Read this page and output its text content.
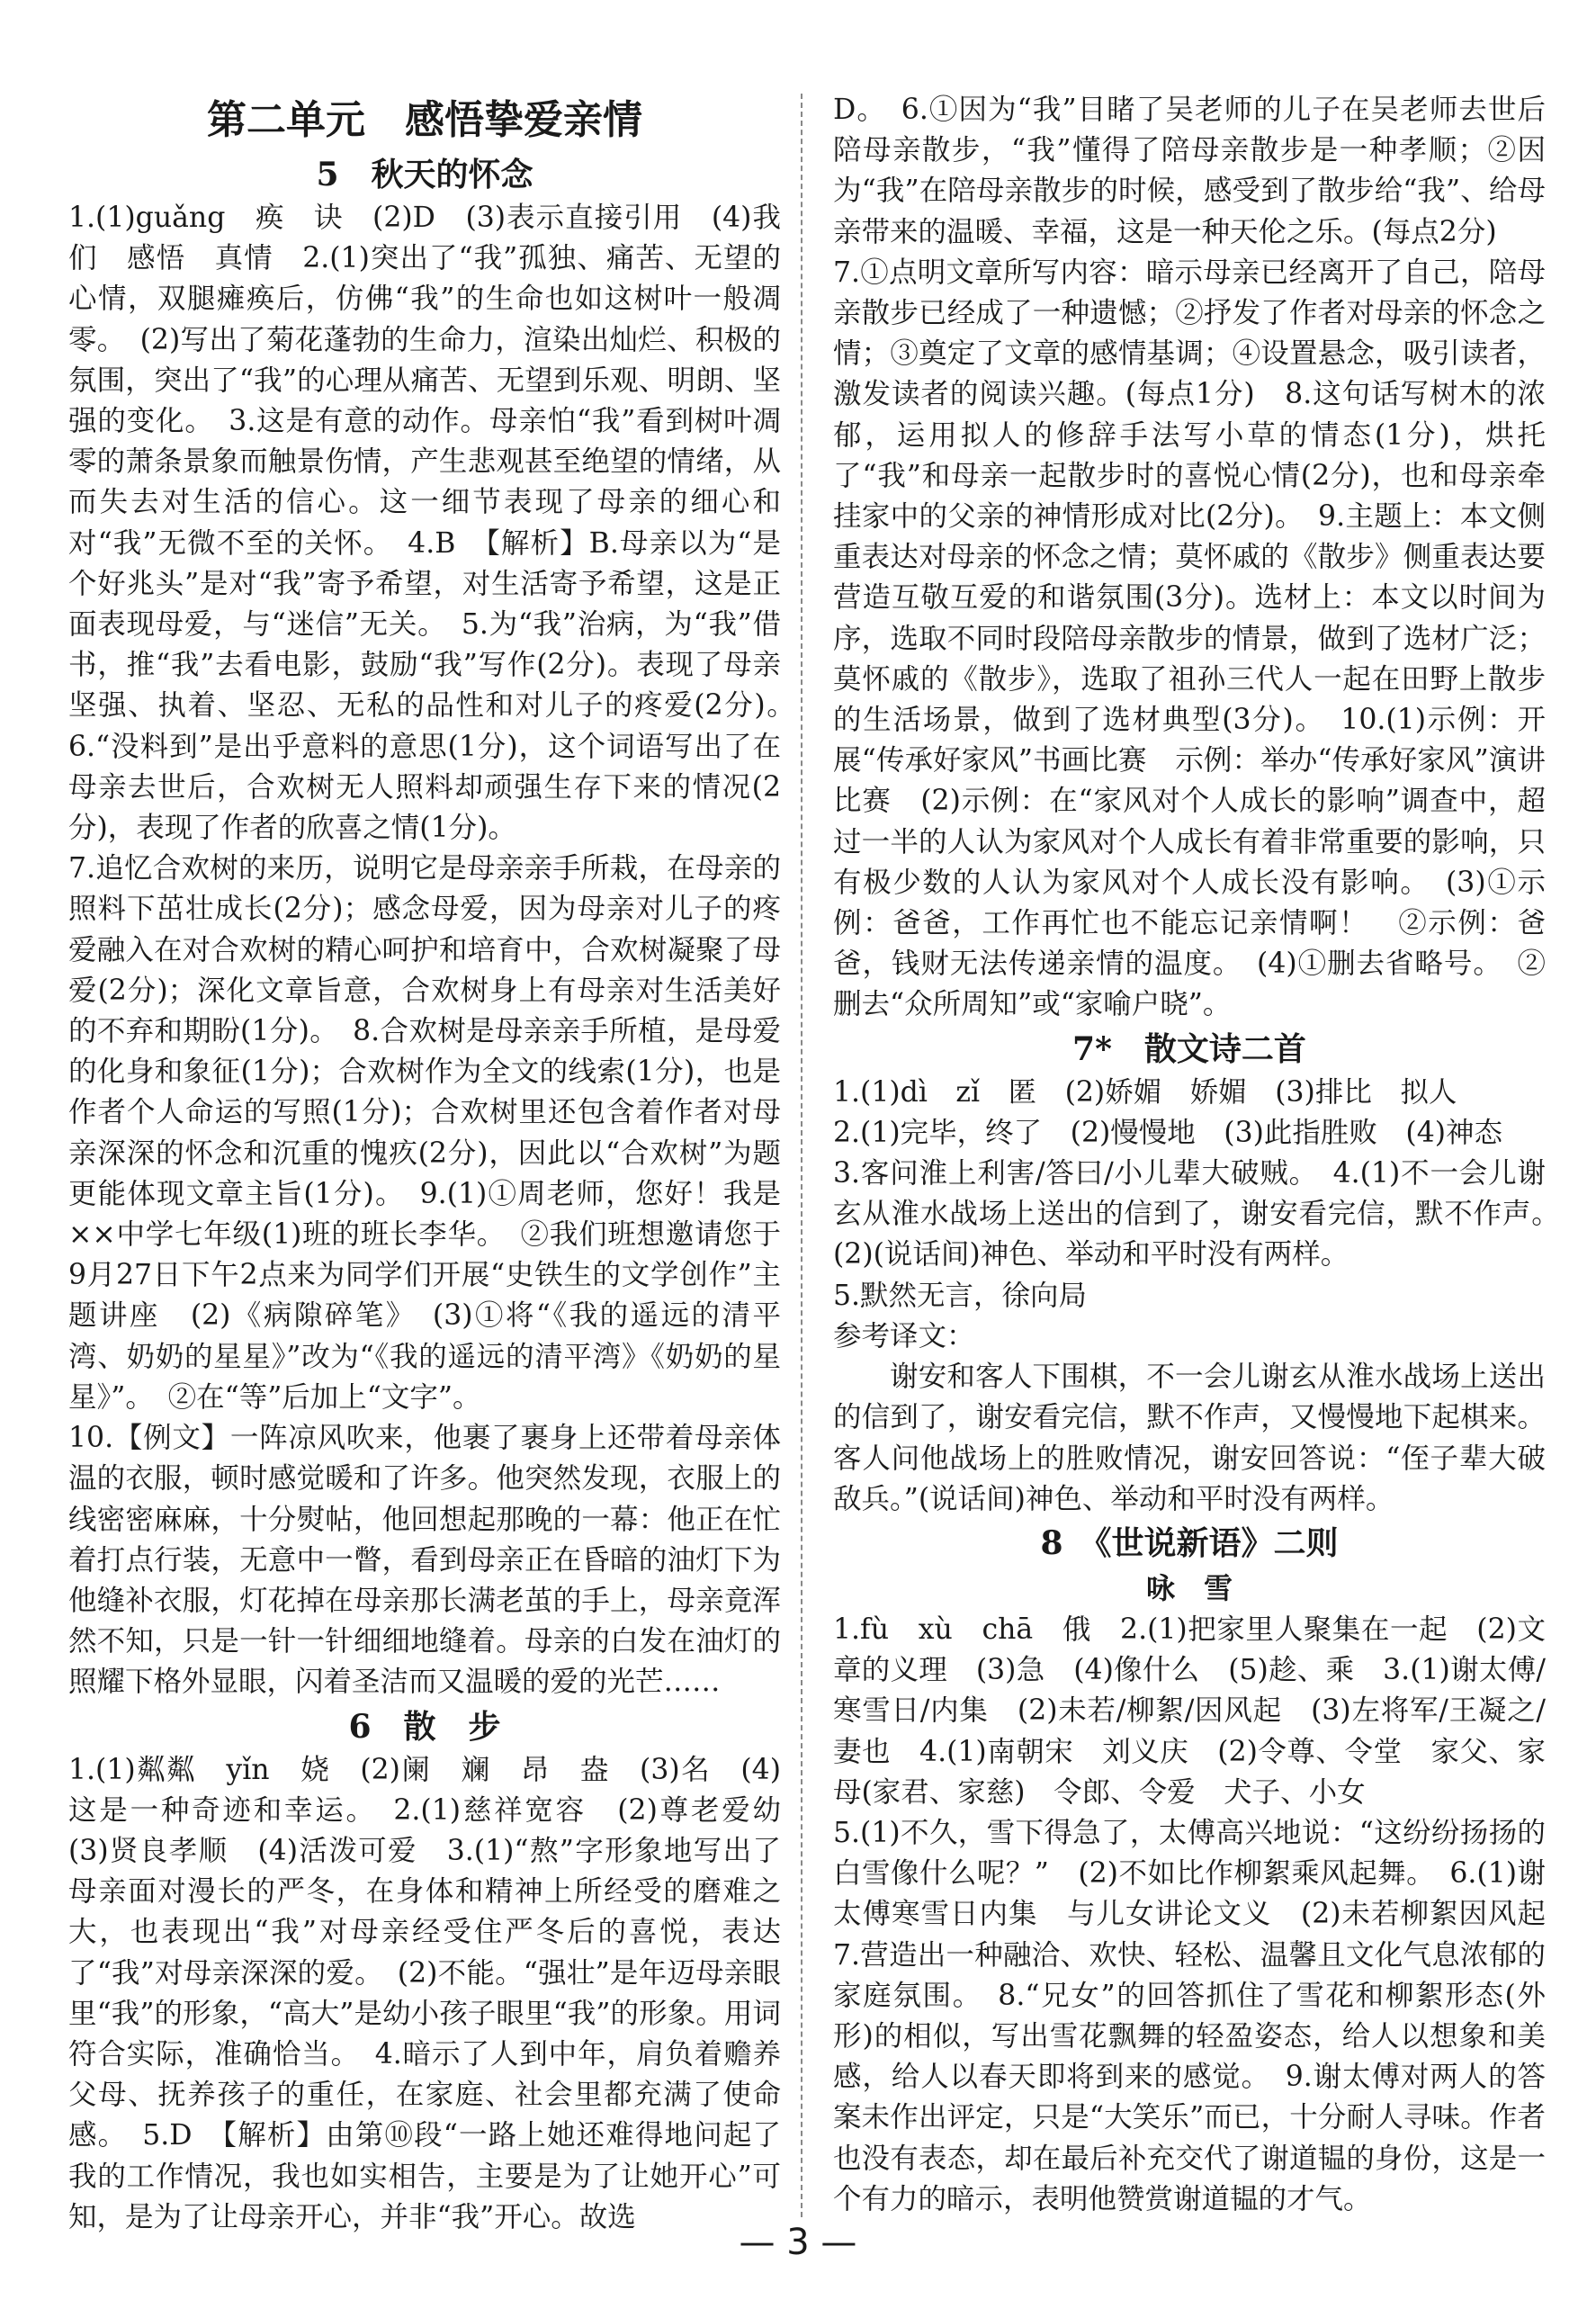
第二单元　感悟挚爱亲情
5　秋天的怀念

1.(1)guǎng　痪　诀　(2)D　(3)表示直接引用　(4)我们　感悟　真情　2.(1)突出了“我”孤独、痛苦、无望的心情，双腿瘫痪后，仿佛“我”的生命也如这树叶一般凋零。　(2)写出了菊花蓬勃的生命力，渲染出灿烂、积极的氛围，突出了“我”的心理从痛苦、无望到乐观、明朗、坚强的变化。　3.这是有意的动作。母亲怕“我”看到树叶凋零的萧条景象而触景伤情，产生悲观甚至绝望的情绪，从而失去对生活的信心。这一细节表现了母亲的细心和对“我”无微不至的关怀。　4.B　【解析】B.母亲以为“是个好兆头”是对“我”寄予希望，对生活寄予希望，这是正面表现母爱，与“迷信”无关。　5.为“我”治病，为“我”借书，推“我”去看电影，鼓励“我”写作(2分)。表现了母亲坚强、执着、坚忍、无私的品性和对儿子的疼爱(2分)。　6.“没料到”是出乎意料的意思(1分)，这个词语写出了在母亲去世后，合欢树无人照料却顽强生存下来的情况(2分)，表现了作者的欣喜之情(1分)。

7.追忆合欢树的来历，说明它是母亲亲手所栽，在母亲的照料下茁壮成长(2分)；感念母爱，因为母亲对儿子的疼爱融入在对合欢树的精心呵护和培育中，合欢树凝聚了母爱(2分)；深化文章旨意，合欢树身上有母亲对生活美好的不弃和期盼(1分)。　8.合欢树是母亲亲手所植，是母爱的化身和象征(1分)；合欢树作为全文的线索(1分)，也是作者个人命运的写照(1分)；合欢树里还包含着作者对母亲深深的怀念和沉重的愧疚(2分)，因此以“合欢树”为题更能体现文章主旨(1分)。　9.(1)①周老师，您好！我是××中学七年级(1)班的班长李华。　②我们班想邀请您于9月27日下午2点来为同学们开展“史铁生的文学创作”主题讲座　(2)《病隙碎笔》　(3)①将“《我的遥远的清平湾、奶奶的星星》”改为“《我的遥远的清平湾》《奶奶的星星》”。　②在“等”后加上“文字”。

10.【例文】一阵凉风吹来，他裹了裹身上还带着母亲体温的衣服，顿时感觉暖和了许多。他突然发现，衣服上的线密密麻麻，十分熨帖，他回想起那晚的一幕：他正在忙着打点行装，无意中一瞥，看到母亲正在昏暗的油灯下为他缝补衣服，灯花掉在母亲那长满老茧的手上，母亲竟浑然不知，只是一针一针细细地缝着。母亲的白发在油灯的照耀下格外显眼，闪着圣洁而又温暖的爱的光芒……

6　散　步

1.(1)粼粼　yǐn　娆　(2)阑　斓　昂　盎　(3)名　(4)这是一种奇迹和幸运。　2.(1)慈祥宽容　(2)尊老爱幼　(3)贤良孝顺　(4)活泼可爱　3.(1)“熬”字形象地写出了母亲面对漫长的严冬，在身体和精神上所经受的磨难之大，也表现出“我”对母亲经受住严冬后的喜悦，表达了“我”对母亲深深的爱。　(2)不能。“强壮”是年迈母亲眼里“我”的形象，“高大”是幼小孩子眼里“我”的形象。用词符合实际，准确恰当。　4.暗示了人到中年，肩负着赡养父母、抚养孩子的重任，在家庭、社会里都充满了使命感。　5.D　【解析】由第⑩段“一路上她还难得地问起了我的工作情况，我也如实相告，主要是为了让她开心”可知，是为了让母亲开心，并非“我”开心。故选

D。　6.①因为“我”目睹了吴老师的儿子在吴老师去世后陪母亲散步，“我”懂得了陪母亲散步是一种孝顺；②因为“我”在陪母亲散步的时候，感受到了散步给“我”、给母亲带来的温暖、幸福，这是一种天伦之乐。(每点2分)

7.①点明文章所写内容：暗示母亲已经离开了自己，陪母亲散步已经成了一种遗憾；②抒发了作者对母亲的怀念之情；③奠定了文章的感情基调；④设置悬念，吸引读者，激发读者的阅读兴趣。(每点1分)　8.这句话写树木的浓郁，运用拟人的修辞手法写小草的情态(1分)，烘托了“我”和母亲一起散步时的喜悦心情(2分)，也和母亲牵挂家中的父亲的神情形成对比(2分)。　9.主题上：本文侧重表达对母亲的怀念之情；莫怀戚的《散步》侧重表达要营造互敬互爱的和谐氛围(3分)。选材上：本文以时间为序，选取不同时段陪母亲散步的情景，做到了选材广泛；莫怀戚的《散步》，选取了祖孙三代人一起在田野上散步的生活场景，做到了选材典型(3分)。　10.(1)示例：开展“传承好家风”书画比赛　示例：举办“传承好家风”演讲比赛　(2)示例：在“家风对个人成长的影响”调查中，超过一半的人认为家风对个人成长有着非常重要的影响，只有极少数的人认为家风对个人成长没有影响。　(3)①示例：爸爸，工作再忙也不能忘记亲情啊！　②示例：爸爸，钱财无法传递亲情的温度。　(4)①删去省略号。　②删去“众所周知”或“家喻户晓”。

7*　散文诗二首

1.(1)dì　zǐ　匿　(2)娇媚　娇媚　(3)排比　拟人

2.(1)完毕，终了　(2)慢慢地　(3)此指胜败　(4)神态

3.客问淮上利害/答曰/小儿辈大破贼。　4.(1)不一会儿谢玄从淮水战场上送出的信到了，谢安看完信，默不作声。　(2)(说话间)神色、举动和平时没有两样。

5.默然无言，徐向局

参考译文：

谢安和客人下围棋，不一会儿谢玄从淮水战场上送出的信到了，谢安看完信，默不作声，又慢慢地下起棋来。客人问他战场上的胜败情况，谢安回答说：“侄子辈大破敌兵。”(说话间)神色、举动和平时没有两样。

8　《世说新语》二则
咏　雪

1.fù　xù　chā　俄　2.(1)把家里人聚集在一起　(2)文章的义理　(3)急　(4)像什么　(5)趁、乘　3.(1)谢太傅/寒雪日/内集　(2)未若/柳絮/因风起　(3)左将军/王凝之/妻也　4.(1)南朝宋　刘义庆　(2)令尊、令堂　家父、家母(家君、家慈)　令郎、令爱　犬子、小女

5.(1)不久，雪下得急了，太傅高兴地说：“这纷纷扬扬的白雪像什么呢？”　(2)不如比作柳絮乘风起舞。　6.(1)谢太傅寒雪日内集　与儿女讲论文义　(2)未若柳絮因风起　7.营造出一种融洽、欢快、轻松、温馨且文化气息浓郁的家庭氛围。　8.“兄女”的回答抓住了雪花和柳絮形态(外形)的相似，写出雪花飘舞的轻盈姿态，给人以想象和美感，给人以春天即将到来的感觉。　9.谢太傅对两人的答案未作出评定，只是“大笑乐”而已，十分耐人寻味。作者也没有表态，却在最后补充交代了谢道韫的身份，这是一个有力的暗示，表明他赞赏谢道韫的才气。

— 3 —
